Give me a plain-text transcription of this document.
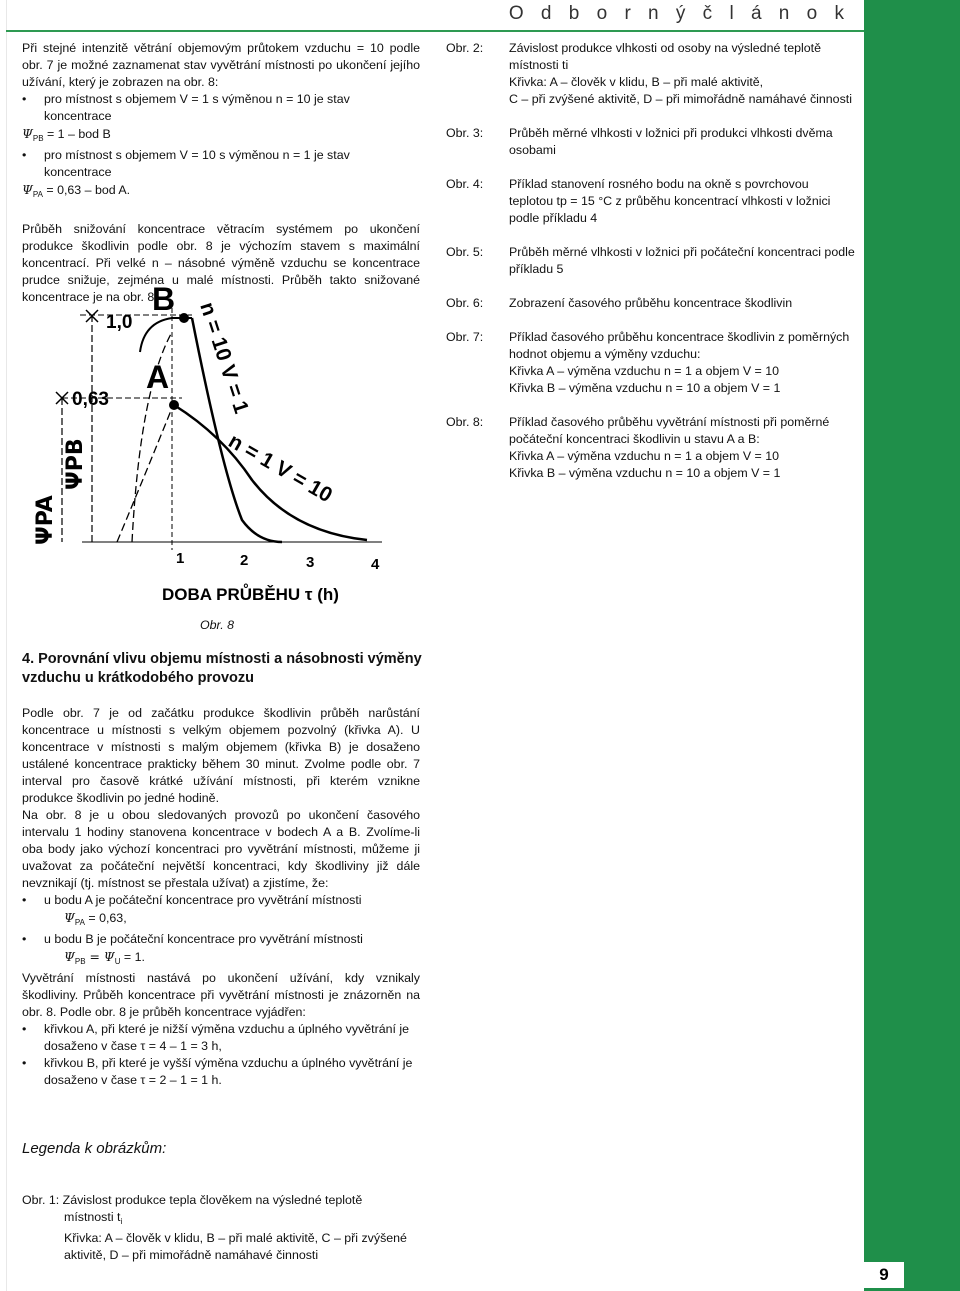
O d b o r n ý č l á n o k

Při stejné intenzitě větrání objemovým průtokem vzduchu = 10 podle obr. 7 je možné zaznamenat stav vyvětrání místnosti po ukončení jejího užívání, který je zobrazen na obr. 8:

•	pro místnost s objemem V = 1 s výměnou n = 10 je stav koncentrace

$\Psi_{PB} = 1$ – bod B

•	pro místnost s objemem V = 10 s výměnou n = 1 je stav koncentrace

$\Psi_{PA} = 0,63$ – bod A.

Průběh snižování koncentrace větracím systémem po ukončení produkce škodlivin podle obr. 8 je výchozím stavem s maximální koncentrací. Při velké n – násobné výměně vzduchu se koncentrace prudce snižuje, zejména u malé místnosti. Průběh takto snižované koncentrace je na obr. 8.

1,0
0,63
B
A
ΨPB
ΨPA
n = 10 V = 1
n = 1 V = 10
1	2	3	4
DOBA PRŮBĚHU τ (h)
Obr. 8
4. Porovnání vlivu objemu místnosti a násobnosti výměny vzduchu u krátkodobého provozu

Podle obr. 7 je od začátku produkce škodlivin průběh narůstání koncentrace u místnosti s velkým objemem pozvolný (křivka A). U koncentrace v místnosti s malým objemem (křivka B) je dosaženo ustálené koncentrace prakticky během 30 minut. Zvolme podle obr. 7 interval pro časově krátké užívání místnosti, při kterém vznikne produkce škodlivin po jedné hodině.

Na obr. 8 je u obou sledovaných provozů po ukončení časového intervalu 1 hodiny stanovena koncentrace v bodech A a B. Zvolíme-li oba body jako výchozí koncentraci pro vyvětrání místnosti, můžeme ji uvažovat za počáteční největší koncentraci, kdy škodliviny již dále nevznikají (tj. místnost se přestala užívat) a zjistíme, že:

•	u bodu A je počáteční koncentrace pro vyvětrání místnosti

$\Psi_{PA} = 0,63$,

•	u bodu B je počáteční koncentrace pro vyvětrání místnosti

$\Psi_{PB} = \Psi_U = 1$.

Vyvětrání místnosti nastává po ukončení užívání, kdy vznikaly škodliviny. Průběh koncentrace při vyvětrání místnosti je znázorněn na obr. 8. Podle obr. 8 je průběh koncentrace vyjádřen:

•	křivkou A, při které je nižší výměna vzduchu a úplného vyvětrání je dosaženo v čase τ = 4 – 1 = 3 h,
•	křivkou B, při které je vyšší výměna vzduchu a úplného vyvětrání je dosaženo v čase τ = 2 – 1 = 1 h.
Legenda k obrázkům:

Obr. 1: Závislost produkce tepla člověkem na výsledné teplotě

místnosti $t_i$

Křivka: A – člověk v klidu, B – při malé aktivitě, C – při zvýšené aktivitě, D – při mimořádně namáhavé činnosti

Obr. 2:	Závislost produkce vlhkosti od osoby na výsledné teplotě místnosti ti
Křivka: A – člověk v klidu, B – při malé aktivitě,
C – při zvýšené aktivitě, D – při mimořádně namáhavé činnosti
Obr. 3:	Průběh měrné vlhkosti v ložnici při produkci vlhkosti dvěma osobami
Obr. 4:	Příklad stanovení rosného bodu na okně s povrchovou teplotou tp = 15 °C z průběhu koncentrací vlhkosti v ložnici podle příkladu 4
Obr. 5:	Průběh měrné vlhkosti v ložnici při počáteční koncentraci podle příkladu 5
Obr. 6:	Zobrazení časového průběhu koncentrace škodlivin
Obr. 7:	Příklad časového průběhu koncentrace škodlivin z poměrných hodnot objemu a výměny vzduchu:
Křivka A – výměna vzduchu n = 1 a objem V = 10
Křivka B – výměna vzduchu n = 10 a objem V = 1
Obr. 8:	Příklad časového průběhu vyvětrání místnosti při poměrné počáteční koncentraci škodlivin u stavu A a B:
Křivka A – výměna vzduchu n = 1 a objem V = 10
Křivka B – výměna vzduchu n = 10 a objem V = 1
9
